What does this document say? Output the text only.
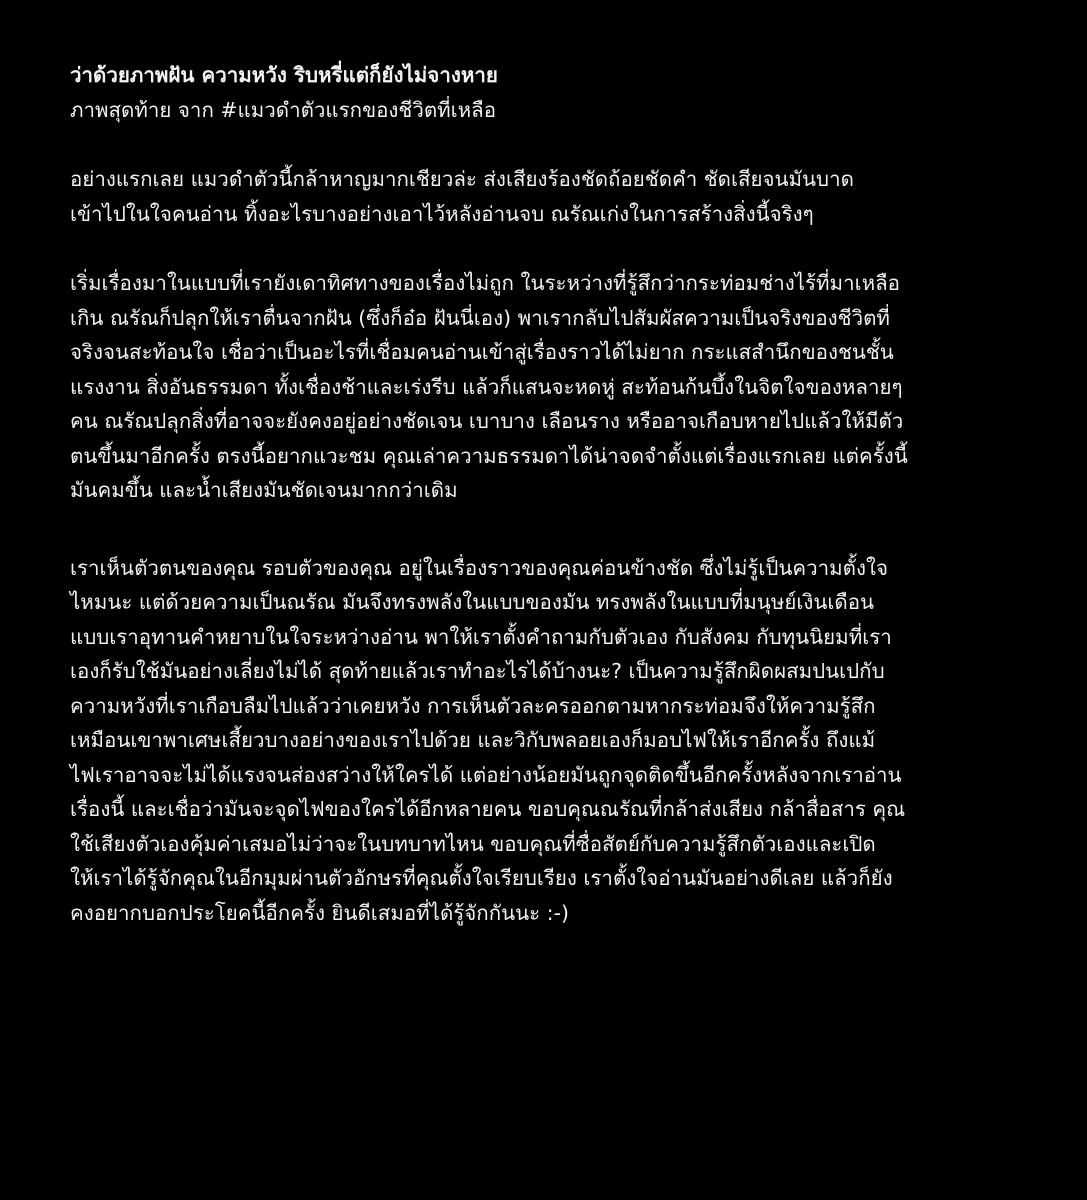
ว่าด้วยภาพฝัน ความหวัง ริบหรี่แต่ก็ยังไม่จางหาย

ภาพสุดท้าย จาก #แมวดำตัวแรกของชีวิตที่เหลือ

อย่างแรกเลย แมวดำตัวนี้กล้าหาญมากเชียวล่ะ ส่งเสียงร้องชัดถ้อยชัดคำ ชัดเสียจนมันบาด
เข้าไปในใจคนอ่าน ทิ้งอะไรบางอย่างเอาไว้หลังอ่านจบ ณรัณเก่งในการสร้างสิ่งนี้จริงๆ

เริ่มเรื่องมาในแบบที่เรายังเดาทิศทางของเรื่องไม่ถูก ในระหว่างที่รู้สึกว่ากระท่อมช่างไร้ที่มาเหลือ
เกิน ณรัณก็ปลุกให้เราตื่นจากฝัน (ซึ่งก็อ๋อ ฝันนี่เอง) พาเรากลับไปสัมผัสความเป็นจริงของชีวิตที่
จริงจนสะท้อนใจ เชื่อว่าเป็นอะไรที่เชื่อมคนอ่านเข้าสู่เรื่องราวได้ไม่ยาก กระแสสำนึกของชนชั้น
แรงงาน สิ่งอันธรรมดา ทั้งเชื่องช้าและเร่งรีบ แล้วก็แสนจะหดหู่ สะท้อนก้นบึ้งในจิตใจของหลายๆ
คน ณรัณปลุกสิ่งที่อาจจะยังคงอยู่อย่างชัดเจน เบาบาง เลือนราง หรืออาจเกือบหายไปแล้วให้มีตัว
ตนขึ้นมาอีกครั้ง ตรงนี้อยากแวะชม คุณเล่าความธรรมดาได้น่าจดจำตั้งแต่เรื่องแรกเลย แต่ครั้งนี้
มันคมขึ้น และน้ำเสียงมันชัดเจนมากกว่าเดิม

เราเห็นตัวตนของคุณ รอบตัวของคุณ อยู่ในเรื่องราวของคุณค่อนข้างชัด ซึ่งไม่รู้เป็นความตั้งใจ
ไหมนะ แต่ด้วยความเป็นณรัณ มันจึงทรงพลังในแบบของมัน ทรงพลังในแบบที่มนุษย์เงินเดือน
แบบเราอุทานคำหยาบในใจระหว่างอ่าน พาให้เราตั้งคำถามกับตัวเอง กับสังคม กับทุนนิยมที่เรา
เองก็รับใช้มันอย่างเลี่ยงไม่ได้ สุดท้ายแล้วเราทำอะไรได้บ้างนะ? เป็นความรู้สึกผิดผสมปนเปกับ
ความหวังที่เราเกือบลืมไปแล้วว่าเคยหวัง การเห็นตัวละครออกตามหากระท่อมจึงให้ความรู้สึก
เหมือนเขาพาเศษเสี้ยวบางอย่างของเราไปด้วย และวิกับพลอยเองก็มอบไฟให้เราอีกครั้ง ถึงแม้
ไฟเราอาจจะไม่ได้แรงจนส่องสว่างให้ใครได้ แต่อย่างน้อยมันถูกจุดติดขึ้นอีกครั้งหลังจากเราอ่าน
เรื่องนี้ และเชื่อว่ามันจะจุดไฟของใครได้อีกหลายคน ขอบคุณณรัณที่กล้าส่งเสียง กล้าสื่อสาร คุณ
ใช้เสียงตัวเองคุ้มค่าเสมอไม่ว่าจะในบทบาทไหน ขอบคุณที่ซื่อสัตย์กับความรู้สึกตัวเองและเปิด
ให้เราได้รู้จักคุณในอีกมุมผ่านตัวอักษรที่คุณตั้งใจเรียบเรียง เราตั้งใจอ่านมันอย่างดีเลย แล้วก็ยัง
คงอยากบอกประโยคนี้อีกครั้ง ยินดีเสมอที่ได้รู้จักกันนะ :-)
